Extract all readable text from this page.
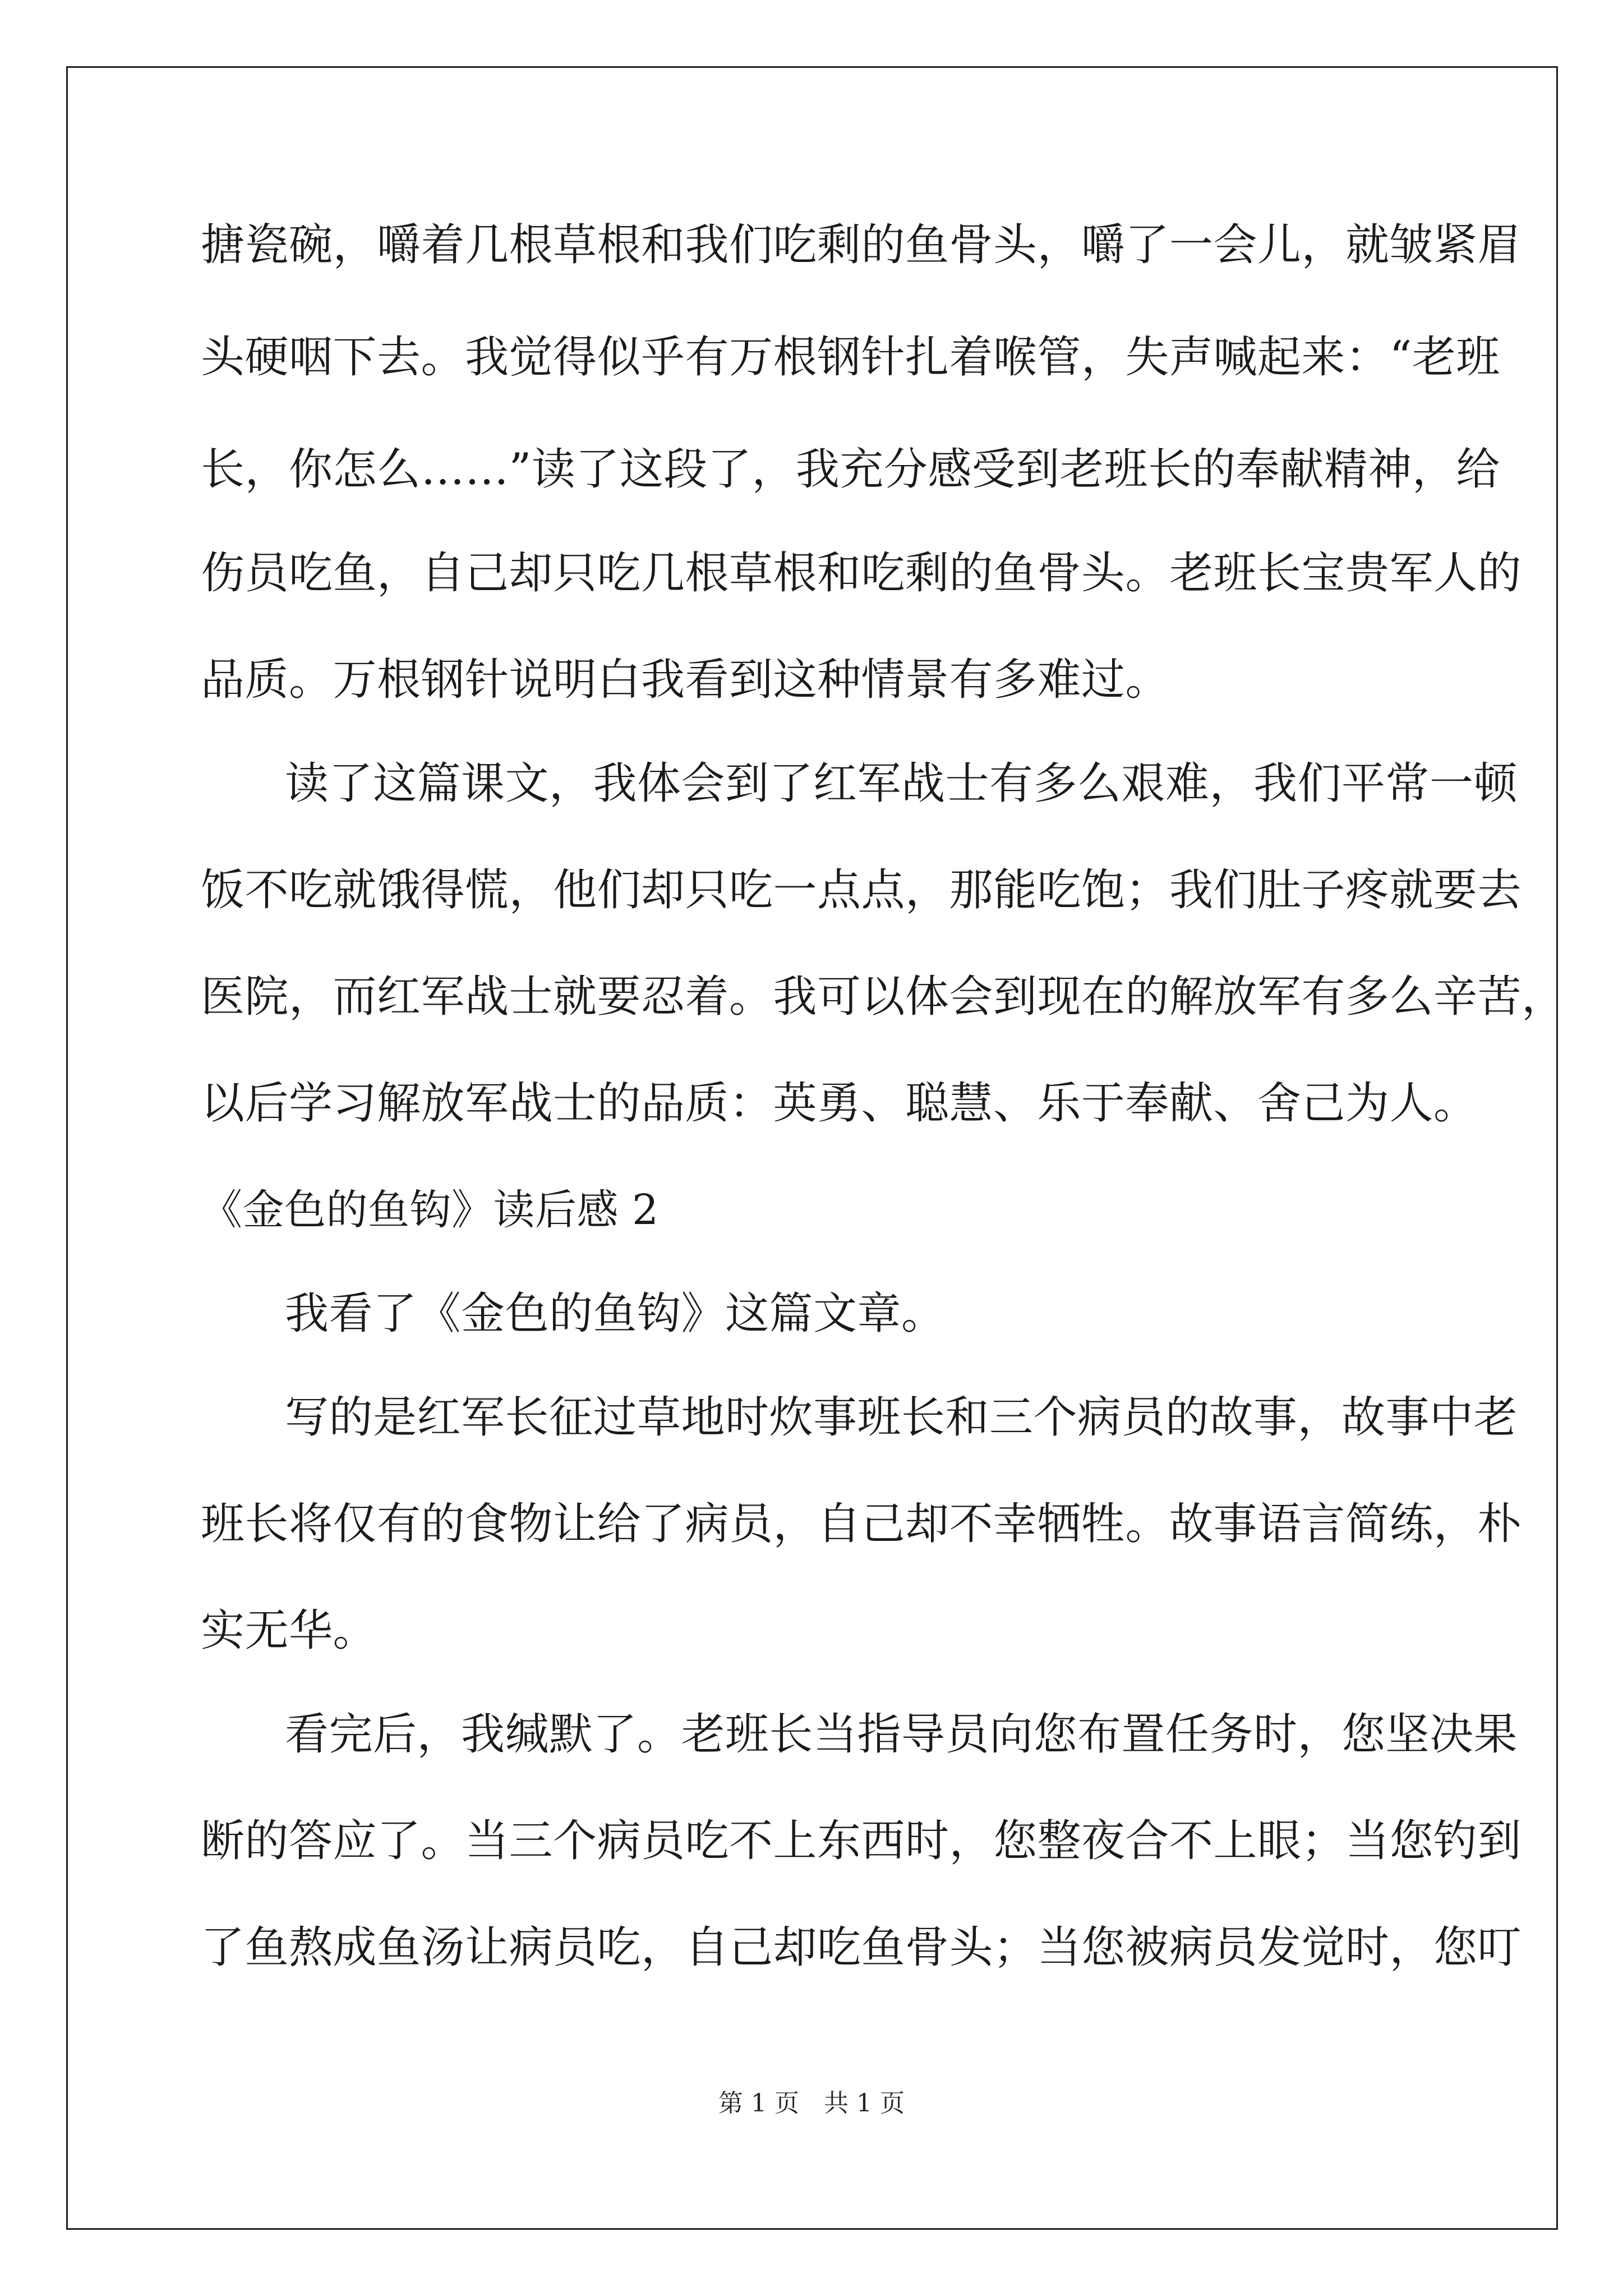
搪瓷碗，嚼着几根草根和我们吃剩的鱼骨头，嚼了一会儿，就皱紧眉
头硬咽下去。我觉得似乎有万根钢针扎着喉管，失声喊起来：“老班
长，你怎么……”读了这段了，我充分感受到老班长的奉献精神，给
伤员吃鱼，自己却只吃几根草根和吃剩的鱼骨头。老班长宝贵军人的
品质。万根钢针说明白我看到这种情景有多难过。
读了这篇课文，我体会到了红军战士有多么艰难，我们平常一顿
饭不吃就饿得慌，他们却只吃一点点，那能吃饱；我们肚子疼就要去
医院，而红军战士就要忍着。我可以体会到现在的解放军有多么辛苦，
以后学习解放军战士的品质：英勇、聪慧、乐于奉献、舍己为人。
《金色的鱼钩》读后感 2
我看了《金色的鱼钩》这篇文章。
写的是红军长征过草地时炊事班长和三个病员的故事，故事中老
班长将仅有的食物让给了病员，自己却不幸牺牲。故事语言简练，朴
实无华。
看完后，我缄默了。老班长当指导员向您布置任务时，您坚决果
断的答应了。当三个病员吃不上东西时，您整夜合不上眼；当您钓到
了鱼熬成鱼汤让病员吃，自己却吃鱼骨头；当您被病员发觉时，您叮
第 1 页　共 1 页
